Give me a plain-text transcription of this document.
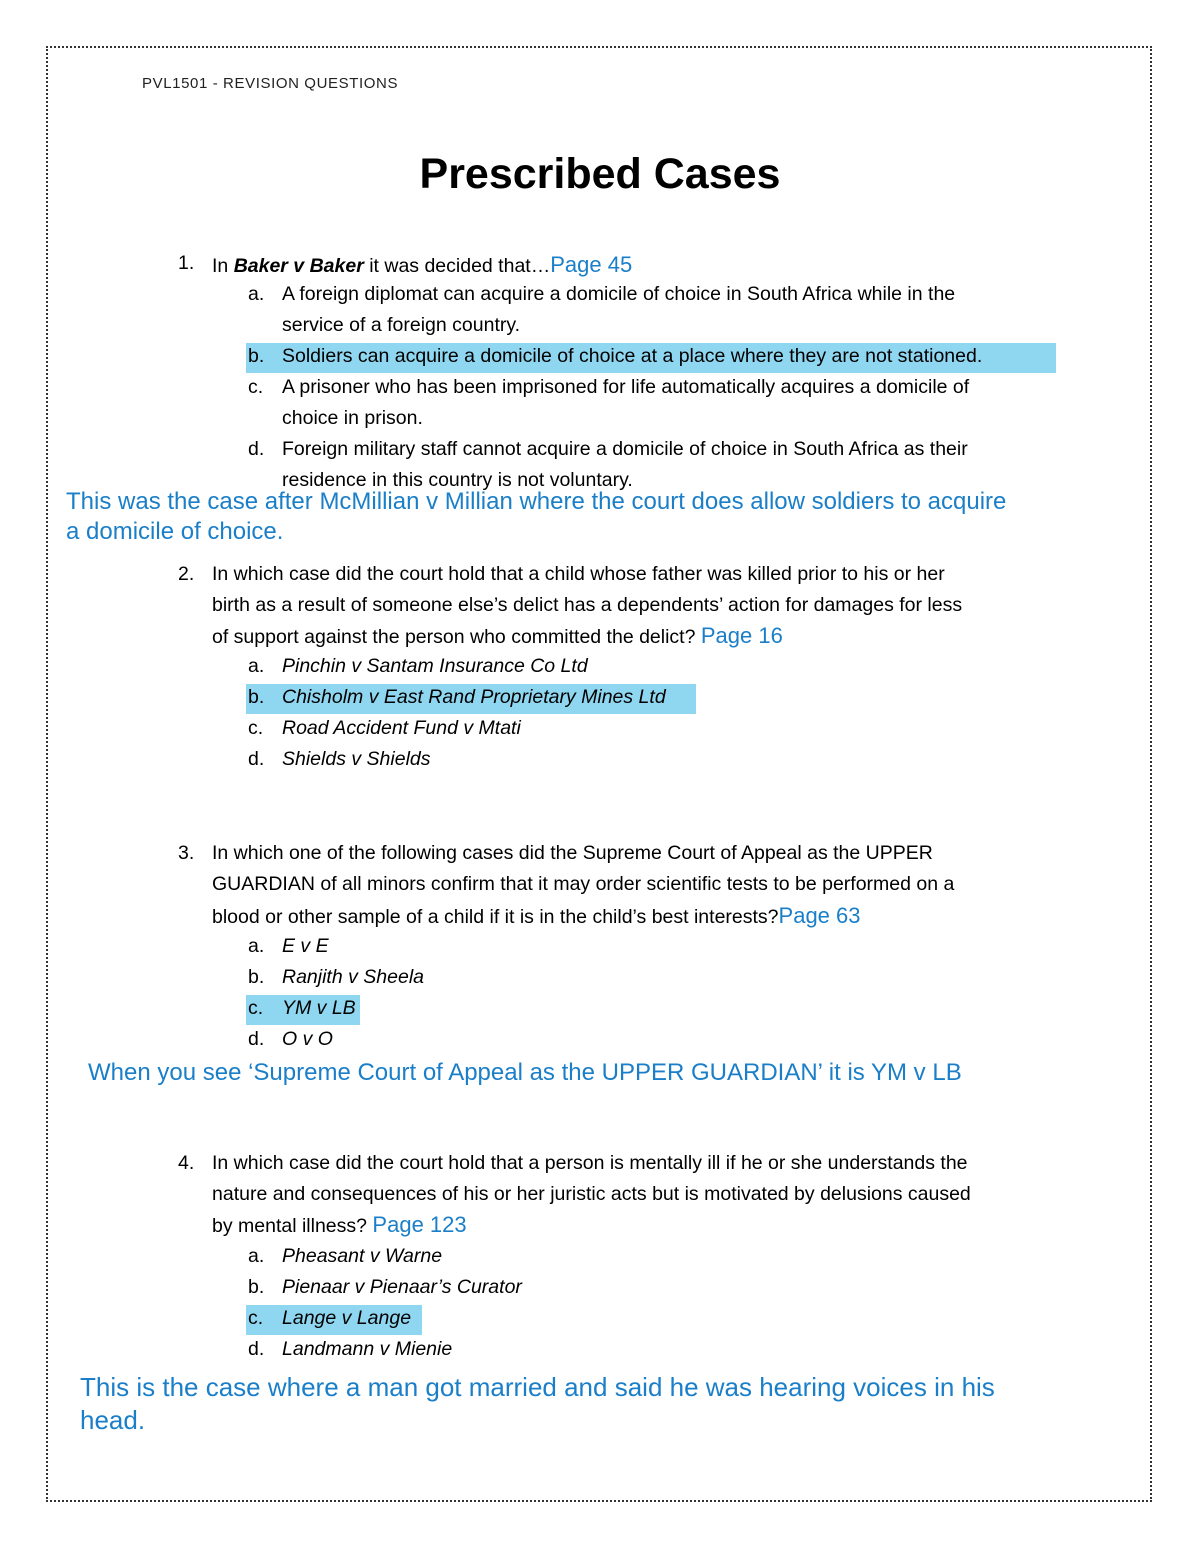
PVL1501 - REVISION QUESTIONS
Prescribed Cases
1. In Baker v Baker it was decided that…Page 45
a. A foreign diplomat can acquire a domicile of choice in South Africa while in the
service of a foreign country.
b. Soldiers can acquire a domicile of choice at a place where they are not stationed.
c. A prisoner who has been imprisoned for life automatically acquires a domicile of
choice in prison.
d. Foreign military staff cannot acquire a domicile of choice in South Africa as their
residence in this country is not voluntary.
This was the case after McMillian v Millian where the court does allow soldiers to acquire
a domicile of choice.
2. In which case did the court hold that a child whose father was killed prior to his or her
birth as a result of someone else’s delict has a dependents’ action for damages for less
of support against the person who committed the delict? Page 16
a. Pinchin v Santam Insurance Co Ltd
b. Chisholm v East Rand Proprietary Mines Ltd
c. Road Accident Fund v Mtati
d. Shields v Shields
3. In which one of the following cases did the Supreme Court of Appeal as the UPPER
GUARDIAN of all minors confirm that it may order scientific tests to be performed on a
blood or other sample of a child if it is in the child’s best interests?Page 63
a. E v E
b. Ranjith v Sheela
c. YM v LB
d. O v O
When you see ‘Supreme Court of Appeal as the UPPER GUARDIAN’ it is YM v LB
4. In which case did the court hold that a person is mentally ill if he or she understands the
nature and consequences of his or her juristic acts but is motivated by delusions caused
by mental illness? Page 123
a. Pheasant v Warne
b. Pienaar v Pienaar’s Curator
c. Lange v Lange
d. Landmann v Mienie
This is the case where a man got married and said he was hearing voices in his
head.
